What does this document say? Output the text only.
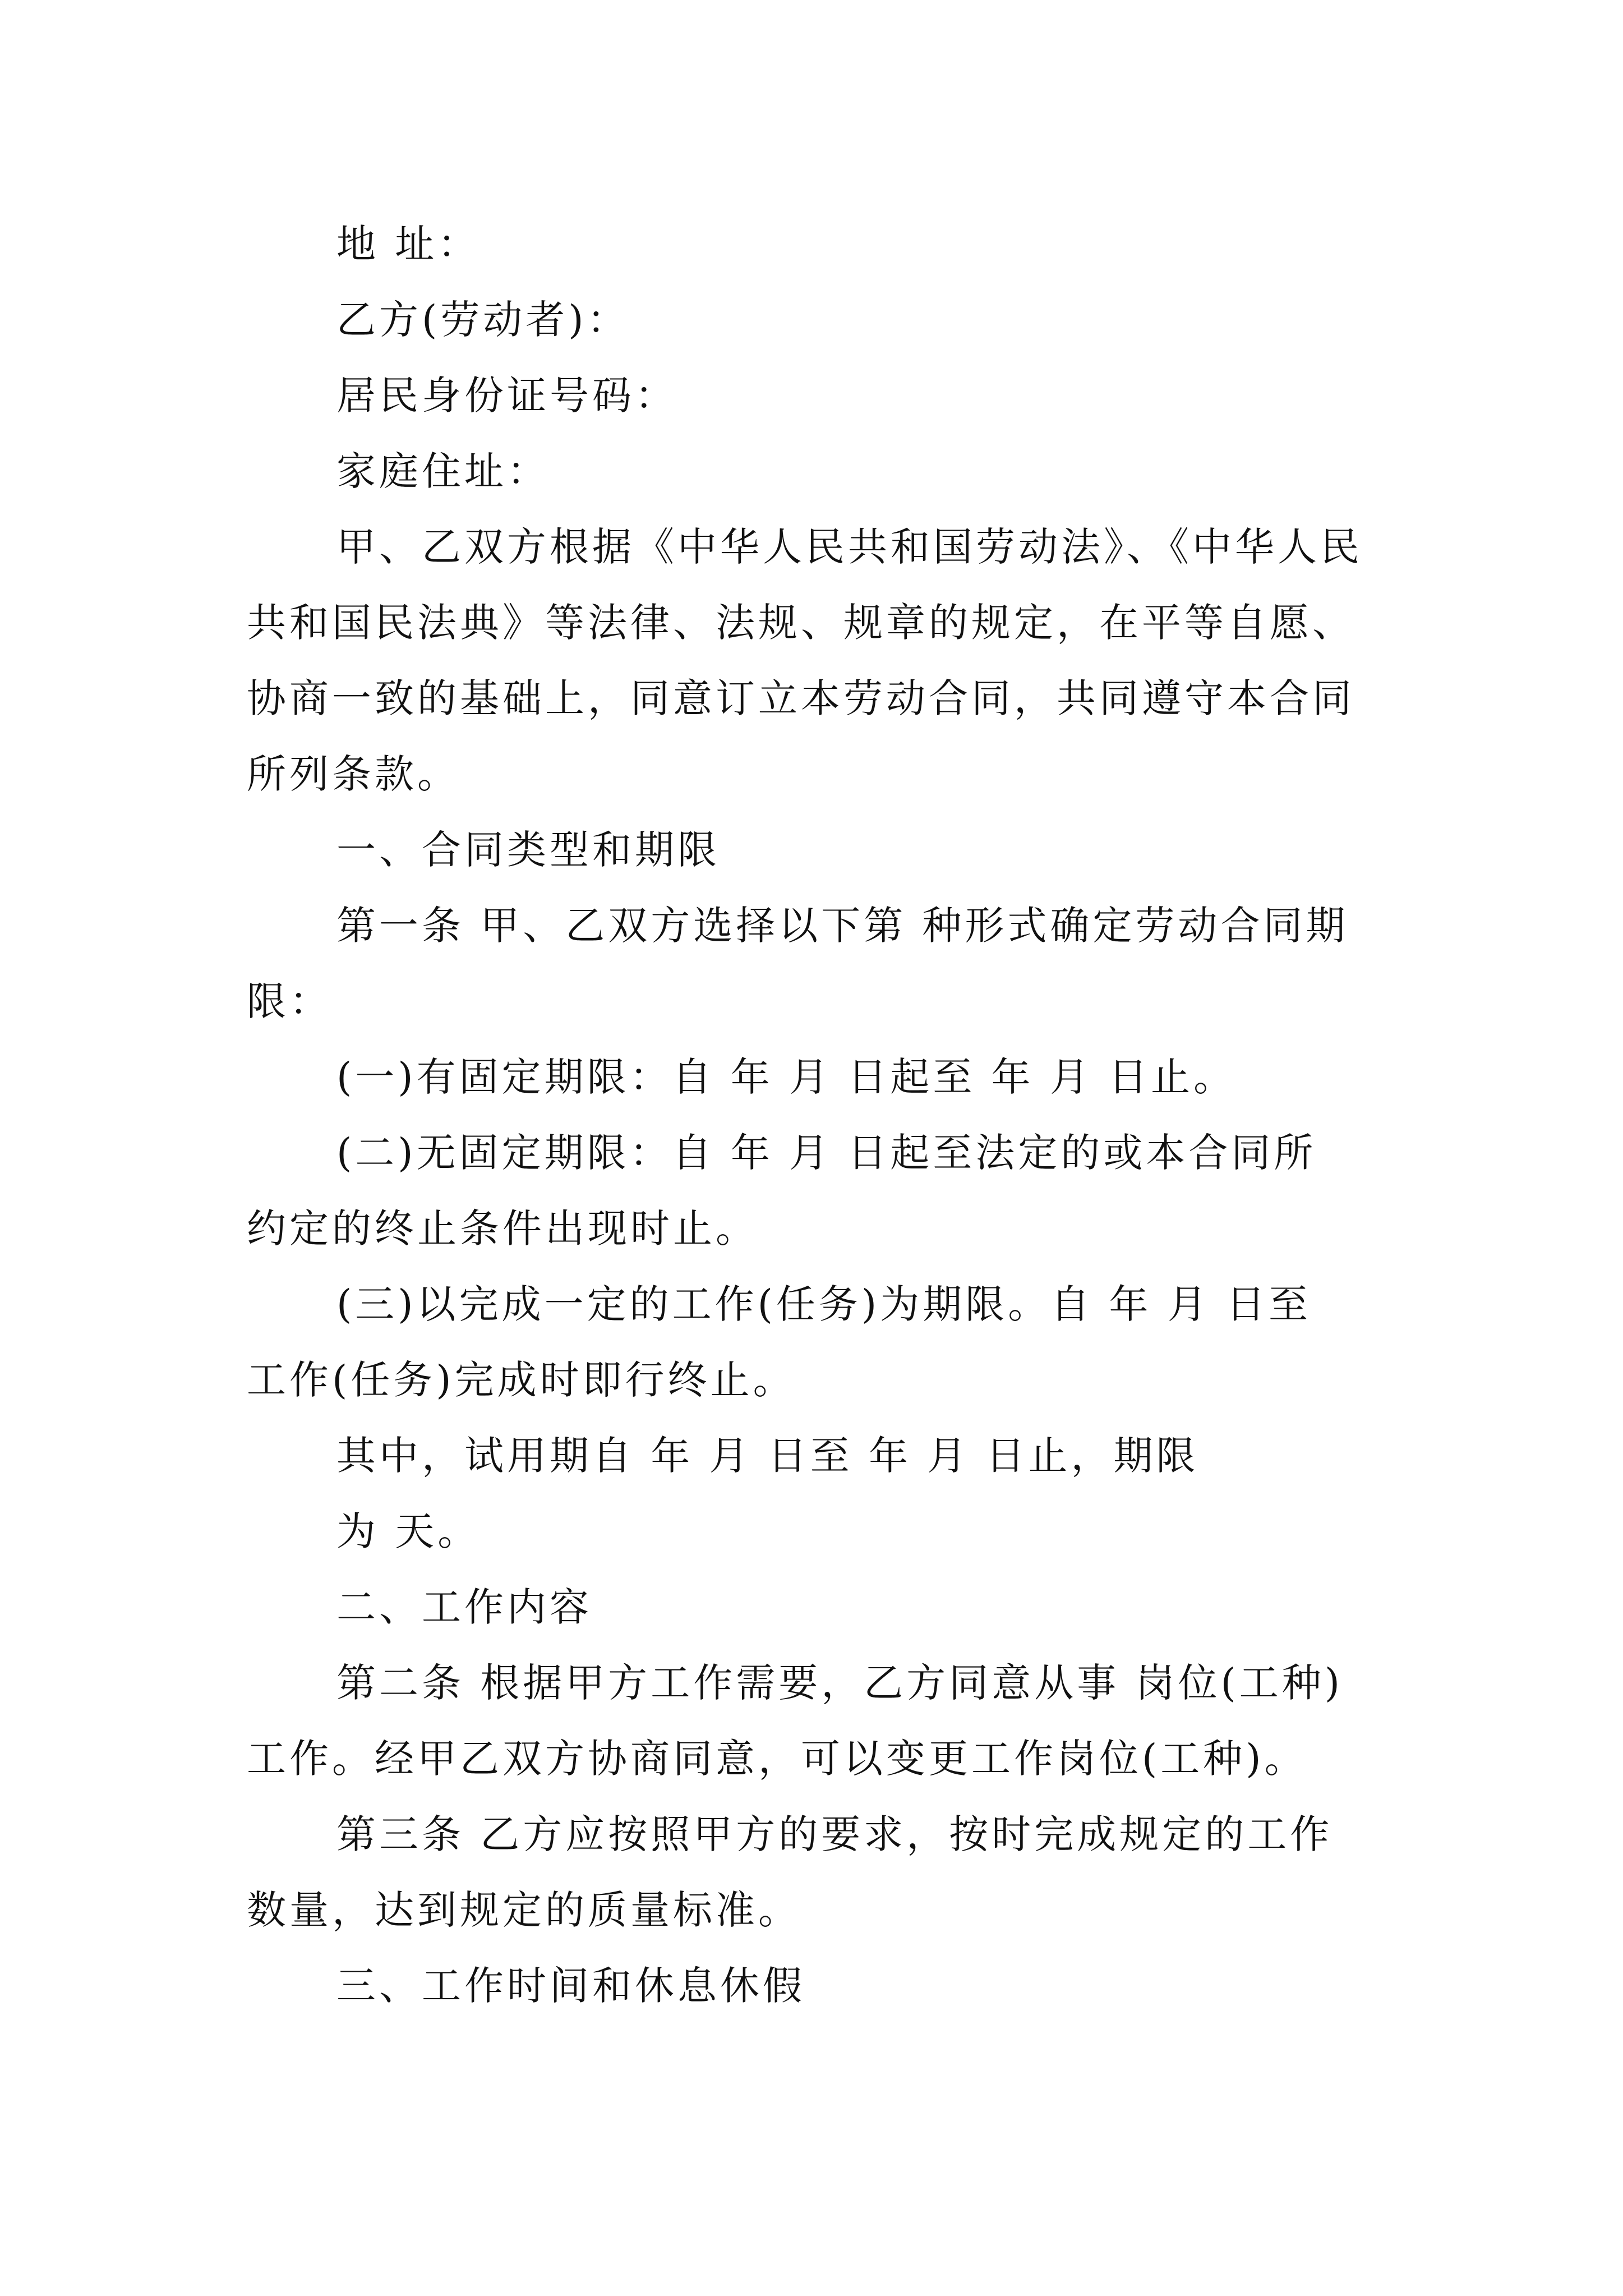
地 址：
乙方(劳动者)：
居民身份证号码：
家庭住址：
甲、乙双方根据《中华人民共和国劳动法》、《中华人民
共和国民法典》等法律、法规、规章的规定，在平等自愿、
协商一致的基础上，同意订立本劳动合同，共同遵守本合同
所列条款。
一、合同类型和期限
第一条 甲、乙双方选择以下第 种形式确定劳动合同期
限：
(一)有固定期限：自 年 月 日起至 年 月 日止。
(二)无固定期限：自 年 月 日起至法定的或本合同所
约定的终止条件出现时止。
(三)以完成一定的工作(任务)为期限。自 年 月 日至
工作(任务)完成时即行终止。
其中，试用期自 年 月 日至 年 月 日止，期限
为 天。
二、工作内容
第二条 根据甲方工作需要，乙方同意从事 岗位(工种)
工作。经甲乙双方协商同意，可以变更工作岗位(工种)。
第三条 乙方应按照甲方的要求，按时完成规定的工作
数量，达到规定的质量标准。
三、工作时间和休息休假
